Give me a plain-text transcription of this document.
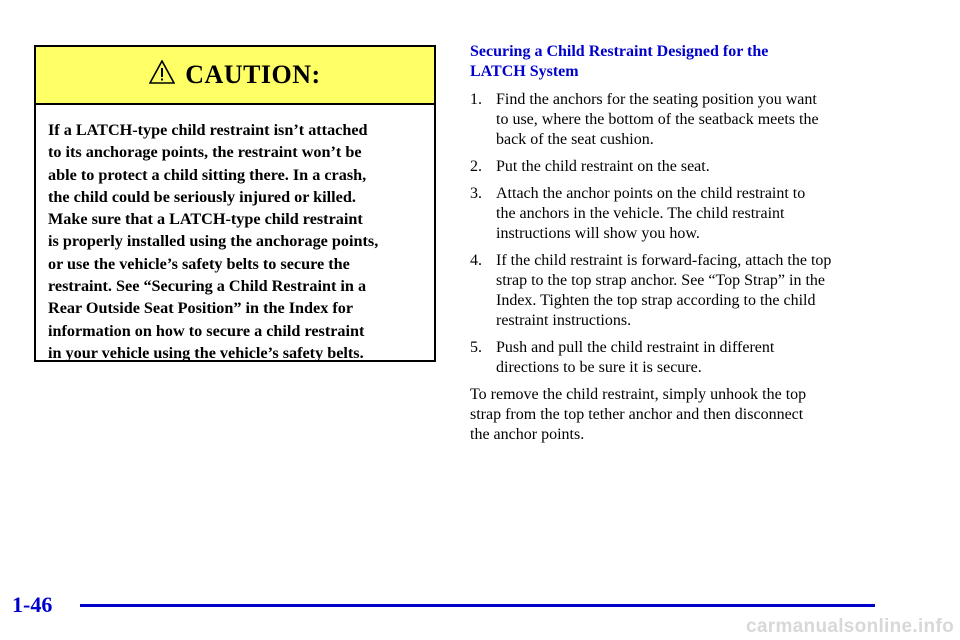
CAUTION:
If a LATCH-type child restraint isn’t attached
to its anchorage points, the restraint won’t be
able to protect a child sitting there. In a crash,
the child could be seriously injured or killed.
Make sure that a LATCH-type child restraint
is properly installed using the anchorage points,
or use the vehicle’s safety belts to secure the
restraint. See “Securing a Child Restraint in a
Rear Outside Seat Position” in the Index for
information on how to secure a child restraint
in your vehicle using the vehicle’s safety belts.
Securing a Child Restraint Designed for the
LATCH System
1. Find the anchors for the seating position you want
to use, where the bottom of the seatback meets the
back of the seat cushion.
2. Put the child restraint on the seat.
3. Attach the anchor points on the child restraint to
the anchors in the vehicle. The child restraint
instructions will show you how.
4. If the child restraint is forward-facing, attach the top
strap to the top strap anchor. See “Top Strap” in the
Index. Tighten the top strap according to the child
restraint instructions.
5. Push and pull the child restraint in different
directions to be sure it is secure.
To remove the child restraint, simply unhook the top
strap from the top tether anchor and then disconnect
the anchor points.
1-46
carmanualsonline.info
